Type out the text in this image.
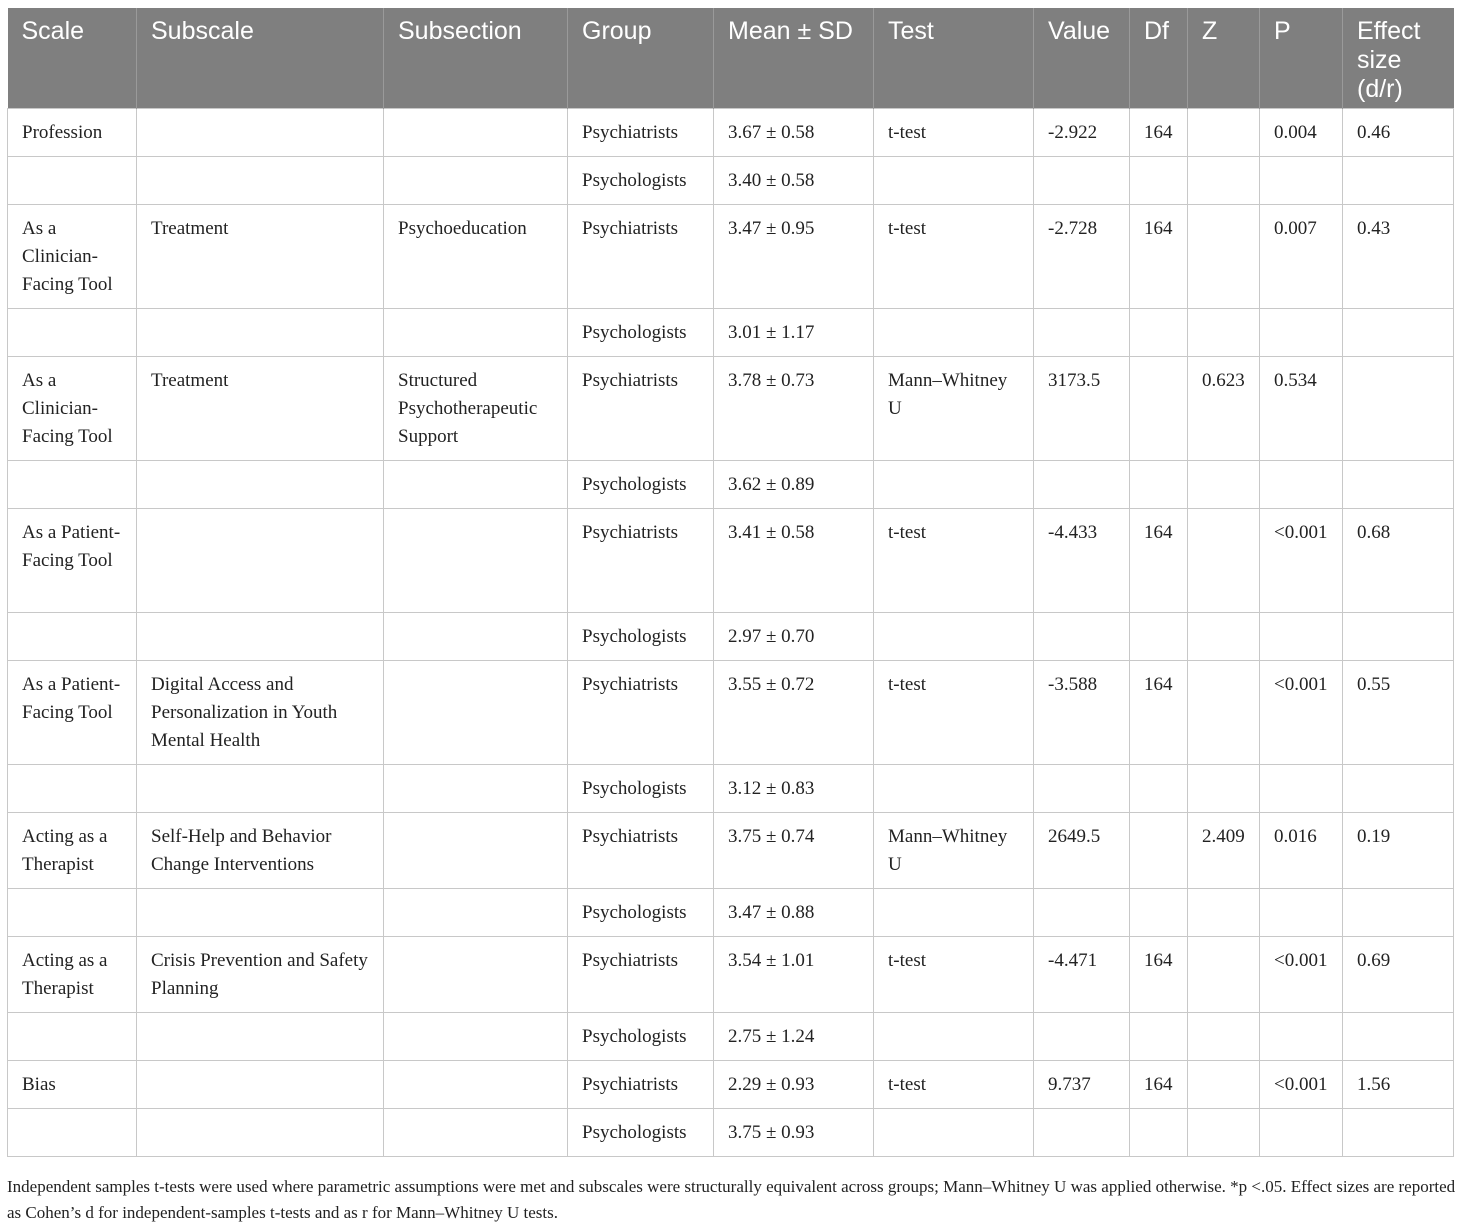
Scale	Subscale	Subsection	Group	Mean ± SD	Test	Value	Df	Z	P	Effect size (d/r)
Profession			Psychiatrists	3.67 ± 0.58	t-test	-2.922	164		0.004	0.46
			Psychologists	3.40 ± 0.58						
As a Clinician-Facing Tool	Treatment	Psychoeducation	Psychiatrists	3.47 ± 0.95	t-test	-2.728	164		0.007	0.43
			Psychologists	3.01 ± 1.17						
As a Clinician-Facing Tool	Treatment	Structured Psychotherapeutic Support	Psychiatrists	3.78 ± 0.73	Mann–Whitney U	3173.5		0.623	0.534	
			Psychologists	3.62 ± 0.89						
As a Patient-Facing Tool			Psychiatrists	3.41 ± 0.58	t-test	-4.433	164		<0.001	0.68
			Psychologists	2.97 ± 0.70						
As a Patient-Facing Tool	Digital Access and Personalization in Youth Mental Health		Psychiatrists	3.55 ± 0.72	t-test	-3.588	164		<0.001	0.55
			Psychologists	3.12 ± 0.83						
Acting as a Therapist	Self-Help and Behavior Change Interventions		Psychiatrists	3.75 ± 0.74	Mann–Whitney U	2649.5		2.409	0.016	0.19
			Psychologists	3.47 ± 0.88						
Acting as a Therapist	Crisis Prevention and Safety Planning		Psychiatrists	3.54 ± 1.01	t-test	-4.471	164		<0.001	0.69
			Psychologists	2.75 ± 1.24						
Bias			Psychiatrists	2.29 ± 0.93	t-test	9.737	164		<0.001	1.56
			Psychologists	3.75 ± 0.93						
Independent samples t-tests were used where parametric assumptions were met and subscales were structurally equivalent across groups; Mann–Whitney U was applied otherwise. *p <.05. Effect sizes are reported as Cohen’s d for independent-samples t-tests and as r for Mann–Whitney U tests.
